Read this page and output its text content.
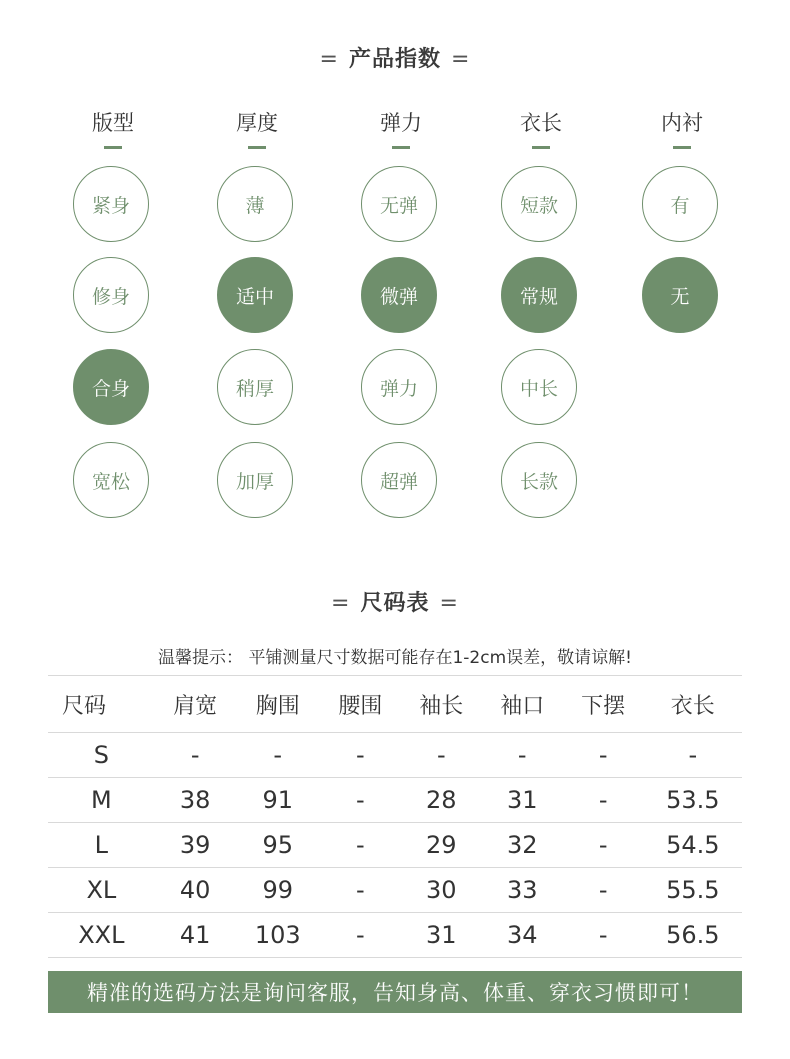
= 产品指数 =
版型
紧身
修身
合身
宽松
厚度
薄
适中
稍厚
加厚
弹力
无弹
微弹
弹力
超弹
衣长
短款
常规
中长
长款
内衬
有
无
= 尺码表 =
温馨提示： 平铺测量尺寸数据可能存在1-2cm误差，敬请谅解!
尺码	肩宽	胸围	腰围	袖长	袖口	下摆	衣长
S	-	-	-	-	-	-	-
M	38	91	-	28	31	-	53.5
L	39	95	-	29	32	-	54.5
XL	40	99	-	30	33	-	55.5
XXL	41	103	-	31	34	-	56.5
精准的选码方法是询问客服，告知身高、体重、穿衣习惯即可！
